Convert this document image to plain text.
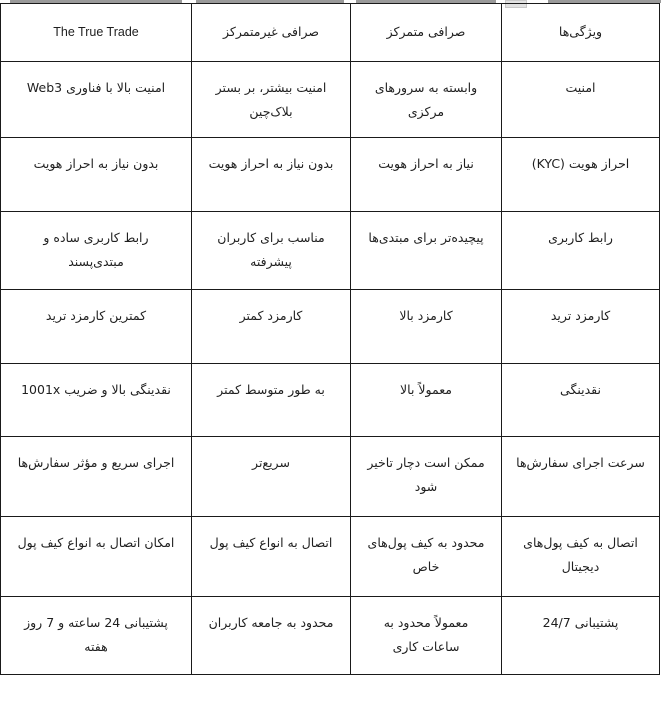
ویژگی‌ها	صرافی متمرکز	صرافی غیرمتمرکز	The True Trade

امنیت	وابسته به سرورهای مرکزی	امنیت بیشتر، بر بستر بلاک‌چین	امنیت بالا با فناوری Web3

احراز هویت (KYC)	نیاز به احراز هویت	بدون نیاز به احراز هویت	بدون نیاز به احراز هویت

رابط کاربری	پیچیده‌تر برای مبتدی‌ها	مناسب برای کاربران پیشرفته	رابط کاربری ساده و مبتدی‌پسند

کارمزد ترید	کارمزد بالا	کارمزد کمتر	کمترین کارمزد ترید

نقدینگی	معمولاً بالا	به طور متوسط کمتر	نقدینگی بالا و ضریب 1001x

سرعت اجرای سفارش‌ها	ممکن است دچار تاخیر شود	سریع‌تر	اجرای سریع و مؤثر سفارش‌ها

اتصال به کیف پول‌های دیجیتال	محدود به کیف پول‌های خاص	اتصال به انواع کیف پول	امکان اتصال به انواع کیف پول

پشتیبانی 24/7	معمولاً محدود به ساعات کاری	محدود به جامعه کاربران	پشتیبانی 24 ساعته و 7 روز هفته
